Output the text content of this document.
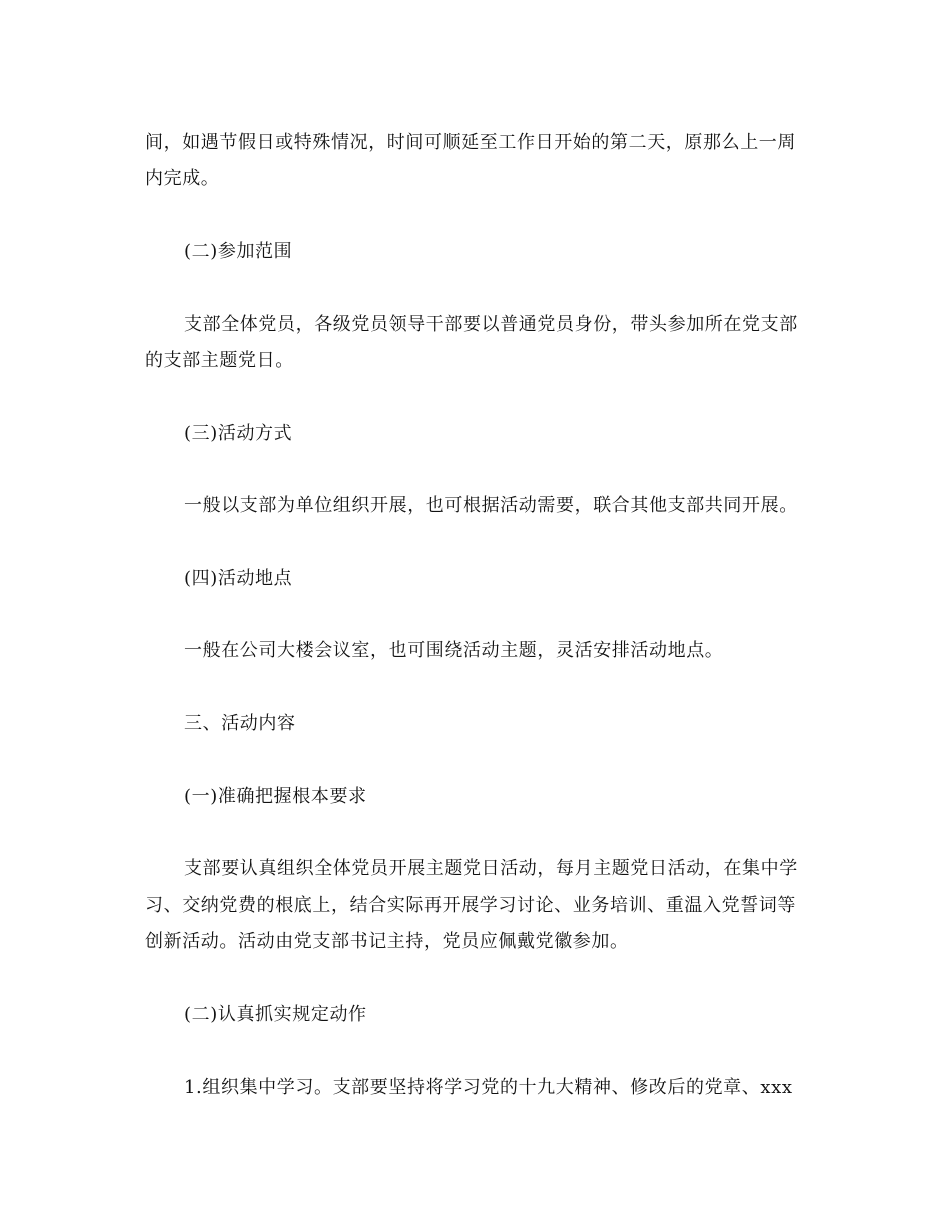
间，如遇节假日或特殊情况，时间可顺延至工作日开始的第二天，原那么上一周
内完成。
(二)参加范围
支部全体党员，各级党员领导干部要以普通党员身份，带头参加所在党支部
的支部主题党日。
(三)活动方式
一般以支部为单位组织开展，也可根据活动需要，联合其他支部共同开展。
(四)活动地点
一般在公司大楼会议室，也可围绕活动主题，灵活安排活动地点。
三、活动内容
(一)准确把握根本要求
支部要认真组织全体党员开展主题党日活动，每月主题党日活动，在集中学
习、交纳党费的根底上，结合实际再开展学习讨论、业务培训、重温入党誓词等
创新活动。活动由党支部书记主持，党员应佩戴党徽参加。
(二)认真抓实规定动作
1.组织集中学习。支部要坚持将学习党的十九大精神、修改后的党章、xxx
